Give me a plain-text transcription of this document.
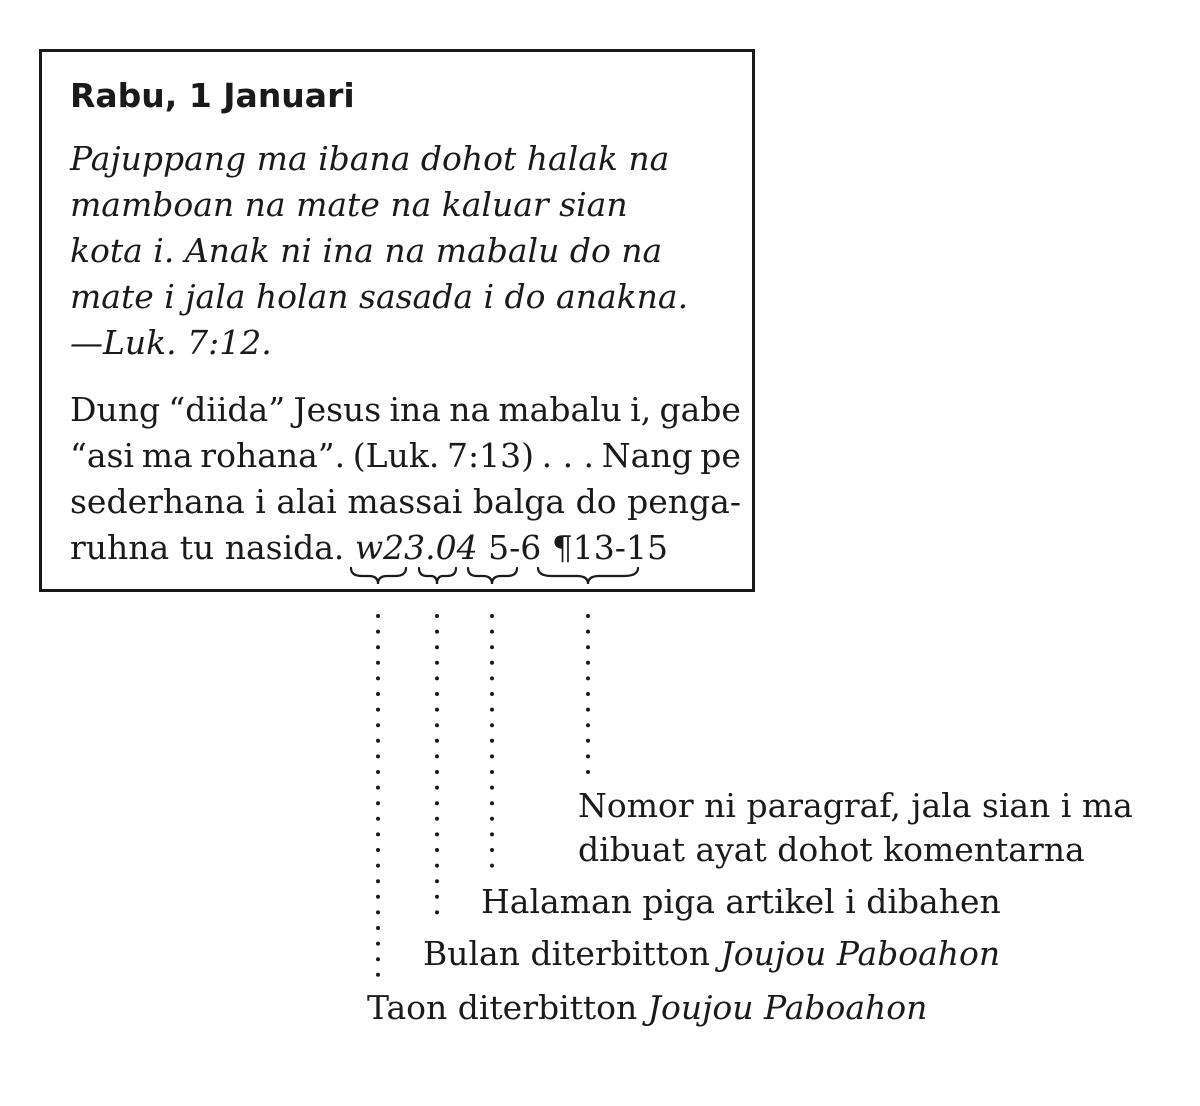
Rabu, 1 Januari

Pajuppang ma ibana dohot halak na
mamboan na mate na kaluar sian
kota i. Anak ni ina na mabalu do na
mate i jala holan sasada i do anakna.
—Luk. 7:12.

Dung “diida” Jesus ina na mabalu i, gabe
“asi ma rohana”. (Luk. 7:13) . . . Nang pe
sederhana i alai massai balga do penga-
ruhna tu nasida. w23.04 5-6 ¶13-15
Nomor ni paragraf, jala sian i ma
dibuat ayat dohot komentarna
Halaman piga artikel i dibahen
Bulan diterbitton Joujou Paboahon
Taon diterbitton Joujou Paboahon
